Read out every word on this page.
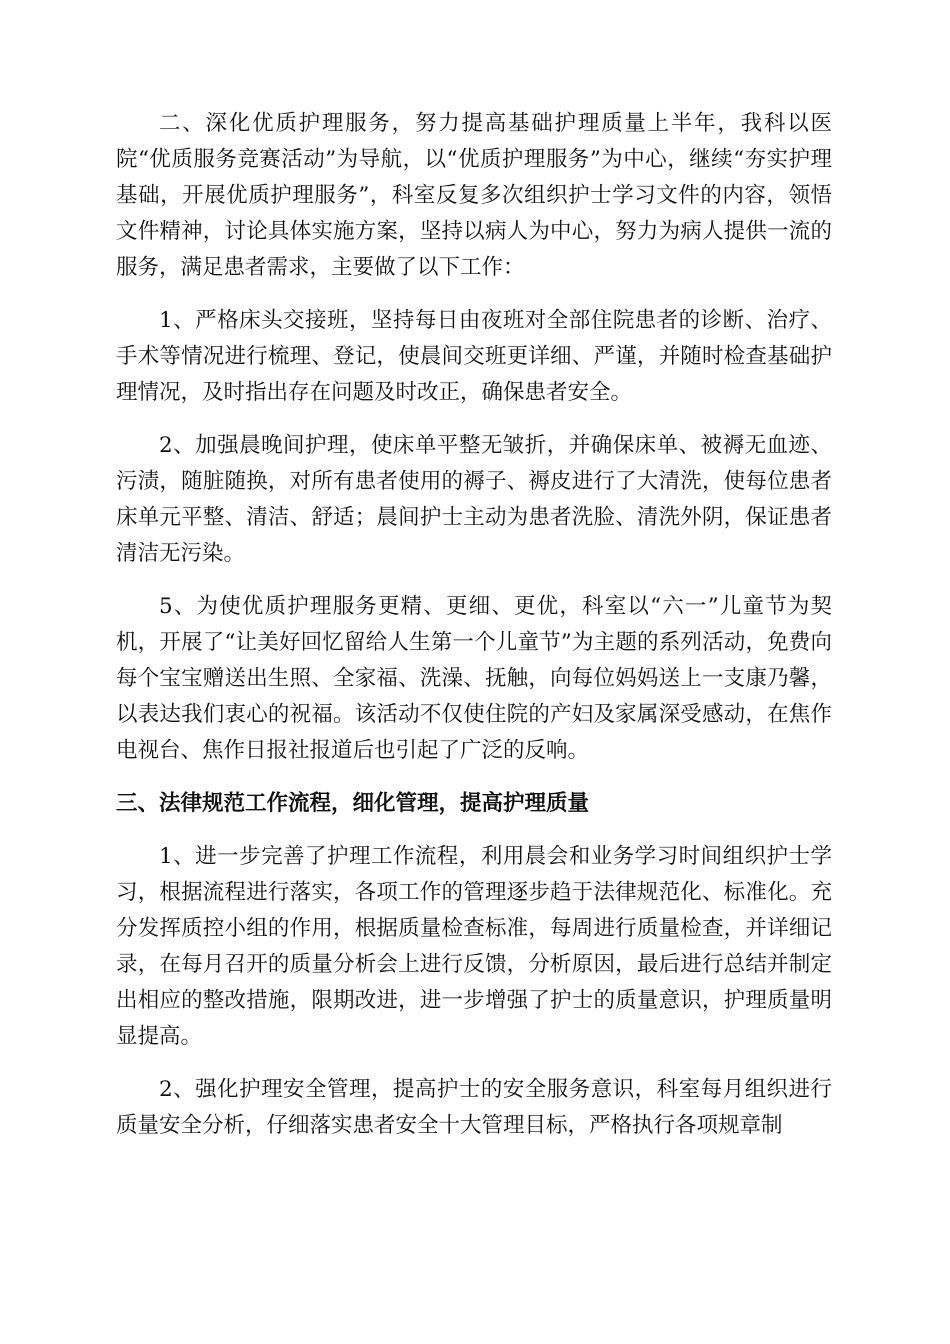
二、深化优质护理服务，努力提高基础护理质量上半年，我科以医院“优质服务竞赛活动”为导航，以“优质护理服务”为中心，继续“夯实护理基础，开展优质护理服务”，科室反复多次组织护士学习文件的内容，领悟文件精神，讨论具体实施方案，坚持以病人为中心，努力为病人提供一流的服务，满足患者需求，主要做了以下工作：

1、严格床头交接班，坚持每日由夜班对全部住院患者的诊断、治疗、手术等情况进行梳理、登记，使晨间交班更详细、严谨，并随时检查基础护理情况，及时指出存在问题及时改正，确保患者安全。

2、加强晨晚间护理，使床单平整无皱折，并确保床单、被褥无血迹、污渍，随脏随换，对所有患者使用的褥子、褥皮进行了大清洗，使每位患者床单元平整、清洁、舒适；晨间护士主动为患者洗脸、清洗外阴，保证患者清洁无污染。

5、为使优质护理服务更精、更细、更优，科室以“六一”儿童节为契机，开展了“让美好回忆留给人生第一个儿童节”为主题的系列活动，免费向每个宝宝赠送出生照、全家福、洗澡、抚触，向每位妈妈送上一支康乃馨，以表达我们衷心的祝福。该活动不仅使住院的产妇及家属深受感动，在焦作电视台、焦作日报社报道后也引起了广泛的反响。

三、法律规范工作流程，细化管理，提高护理质量

1、进一步完善了护理工作流程，利用晨会和业务学习时间组织护士学习，根据流程进行落实，各项工作的管理逐步趋于法律规范化、标准化。充分发挥质控小组的作用，根据质量检查标准，每周进行质量检查，并详细记录，在每月召开的质量分析会上进行反馈，分析原因，最后进行总结并制定出相应的整改措施，限期改进，进一步增强了护士的质量意识，护理质量明显提高。

2、强化护理安全管理，提高护士的安全服务意识，科室每月组织进行质量安全分析，仔细落实患者安全十大管理目标，严格执行各项规章制
